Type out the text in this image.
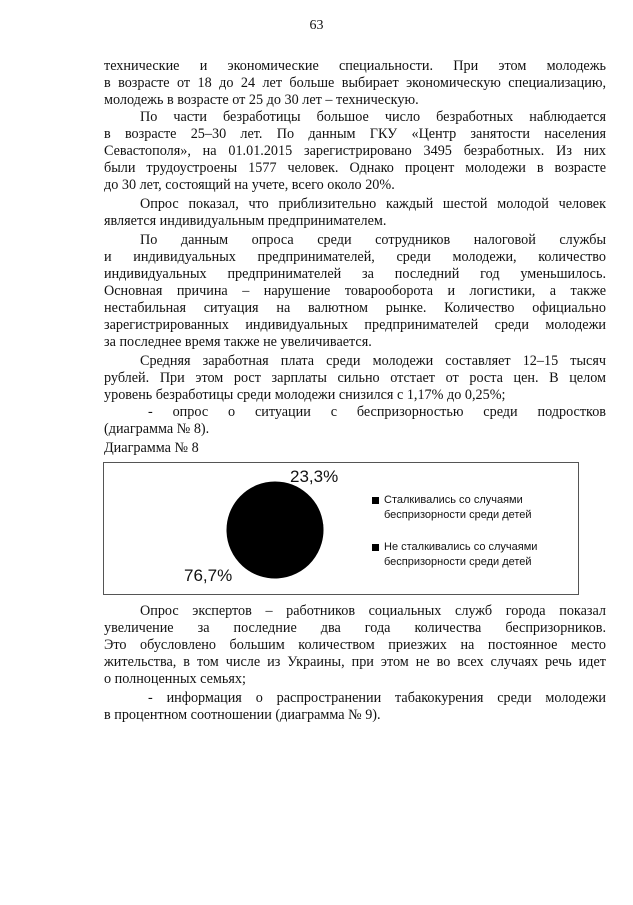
63
технические и экономические специальности. При этом молодежь
в возрасте от 18 до 24 лет больше выбирает экономическую специализацию,
молодежь в возрасте от 25 до 30 лет – техническую.
По части безработицы большое число безработных наблюдается
в возрасте 25–30 лет. По данным ГКУ «Центр занятости населения
Севастополя», на 01.01.2015 зарегистрировано 3495 безработных. Из них
были трудоустроены 1577 человек. Однако процент молодежи в возрасте
до 30 лет, состоящий на учете, всего около 20%.
Опрос показал, что приблизительно каждый шестой молодой человек
является индивидуальным предпринимателем.
По данным опроса среди сотрудников налоговой службы
и индивидуальных предпринимателей, среди молодежи, количество
индивидуальных предпринимателей за последний год уменьшилось.
Основная причина – нарушение товарооборота и логистики, а также
нестабильная ситуация на валютном рынке. Количество официально
зарегистрированных индивидуальных предпринимателей среди молодежи
за последнее время также не увеличивается.
Средняя заработная плата среди молодежи составляет 12–15 тысяч
рублей. При этом рост зарплаты сильно отстает от роста цен. В целом
уровень безработицы среди молодежи снизился с 1,17% до 0,25%;
- опрос о ситуации с беспризорностью среди подростков
(диаграмма № 8).
Диаграмма № 8
23,3%
76,7%
Сталкивались со случаями
беспризорности среди детей
Не сталкивались со случаями
беспризорности среди детей
Опрос экспертов – работников социальных служб города показал
увеличение за последние два года количества беспризорников.
Это обусловлено большим количеством приезжих на постоянное место
жительства, в том числе из Украины, при этом не во всех случаях речь идет
о полноценных семьях;
- информация о распространении табакокурения среди молодежи
в процентном соотношении (диаграмма № 9).
